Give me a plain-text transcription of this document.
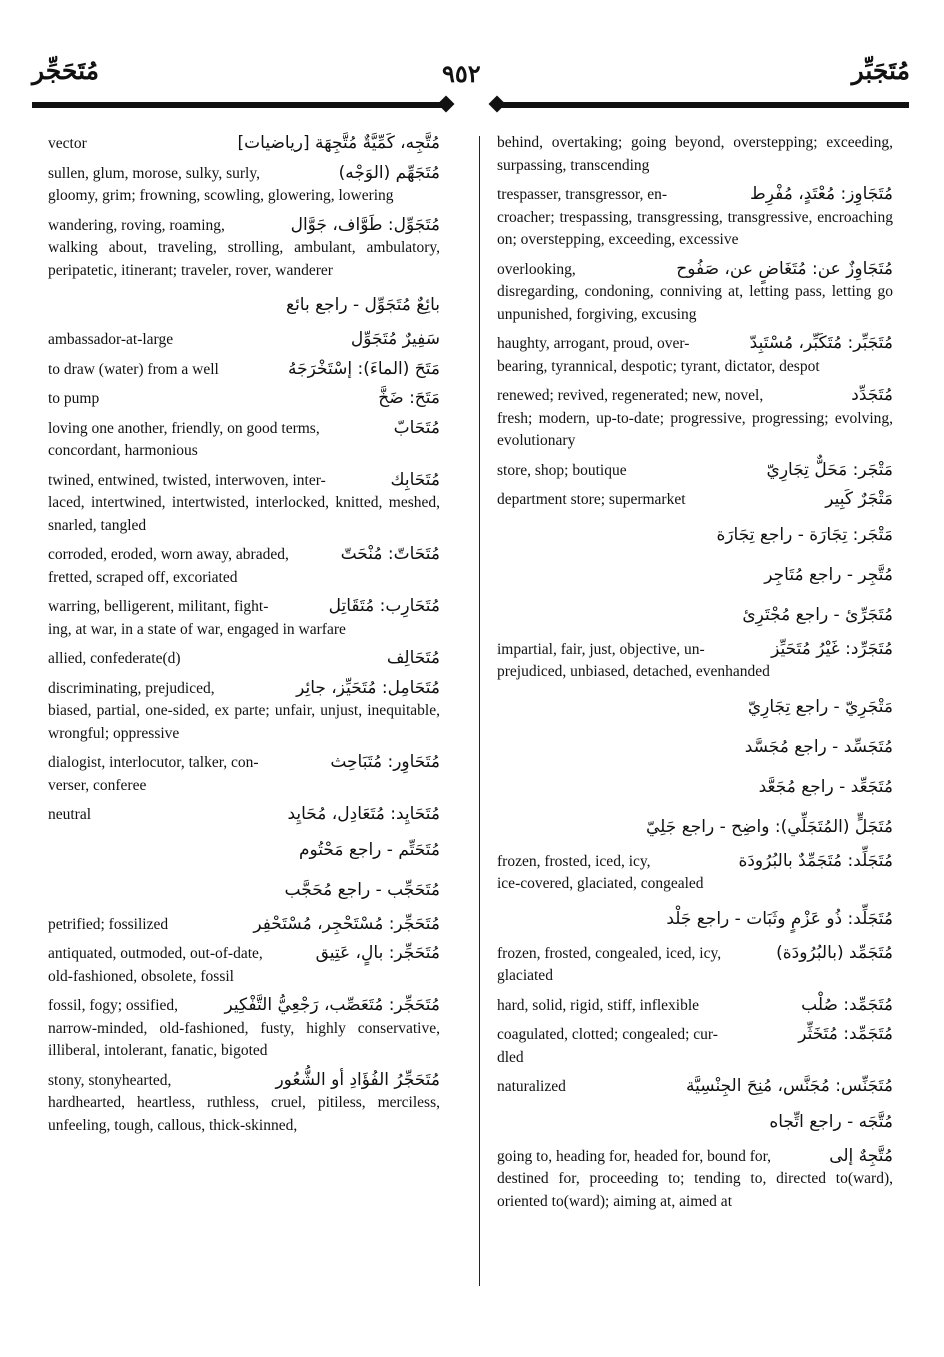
مُتَحَجِّر	٩٥٢	مُتَجَبِّر
vector	مُتَّجِه، كَمِّيَّةٌ مُتَّجِهَة [رياضيات]
sullen, glum, morose, sulky, surly,	مُتَجَهِّم (الوَجْه)
gloomy, grim; frowning, scowling, glowering, lowering
wandering, roving, roaming,	مُتَجَوِّل: طَوَّاف، جَوَّال
walking about, traveling, strolling, ambulant, ambulatory, peripatetic, itinerant; traveler, rover, wanderer
بائِعٌ مُتَجَوِّل - راجع بائع
ambassador-at-large	سَفِيرٌ مُتَجَوِّل
to draw (water) from a well	مَتَحَ (الماءَ): إسْتَخْرَجَهُ
to pump	مَتَحَ: ضَخَّ
loving one another, friendly, on good terms,	مُتَحَابّ
concordant, harmonious
twined, entwined, twisted, interwoven, inter-	مُتَحَابِك
laced, intertwined, intertwisted, interlocked, knitted, meshed, snarled, tangled
corroded, eroded, worn away, abraded,	مُتَحَاتّ: مُنْحَتّ
fretted, scraped off, excoriated
warring, belligerent, militant, fight-	مُتَحَارِب: مُتَقَاتِل
ing, at war, in a state of war, engaged in warfare
allied, confederate(d)	مُتَحَالِف
discriminating, prejudiced,	مُتَحَامِل: مُتَحَيِّز، جائِر
biased, partial, one-sided, ex parte; unfair, unjust, inequitable, wrongful; oppressive
dialogist, interlocutor, talker, con-	مُتَحَاوِر: مُتَبَاحِث
verser, conferee
neutral	مُتَحَايِد: مُتَعَادِل، مُحَايِد
مُتَحَتِّم - راجع مَحْتُوم
مُتَحَجِّب - راجع مُحَجَّب
petrified; fossilized	مُتَحَجِّر: مُسْتَحْجِر، مُسْتَحْفِر
antiquated, outmoded, out-of-date,	مُتَحَجِّر: بالٍ، عَتِيق
old-fashioned, obsolete, fossil
fossil, fogy; ossified,	مُتَحَجِّر: مُتَعَصِّب، رَجْعِيُّ التَّفْكِير
narrow-minded, old-fashioned, fusty, highly conservative, illiberal, intolerant, fanatic, bigoted
stony, stonyhearted,	مُتَحَجِّرُ الفُؤَادِ أو الشُّعُور
hardhearted, heartless, ruthless, cruel, pitiless, merciless, unfeeling, tough, callous, thick-skinned,
behind, overtaking; going beyond, overstepping; exceeding, surpassing, transcending
trespasser, transgressor, en-	مُتَجَاوِز: مُعْتَدٍ، مُفْرِط
croacher; trespassing, transgressing, transgressive, encroaching on; overstepping, exceeding, excessive
overlooking,	مُتَجَاوِزٌ عن: مُتَغَاضٍ عن، صَفُوح
disregarding, condoning, conniving at, letting pass, letting go unpunished, forgiving, excusing
haughty, arrogant, proud, over-	مُتَجَبِّر: مُتَكَبِّر، مُسْتَبِدّ
bearing, tyrannical, despotic; tyrant, dictator, despot
renewed; revived, regenerated; new, novel,	مُتَجَدِّد
fresh; modern, up-to-date; progressive, progressing; evolving, evolutionary
store, shop; boutique	مَتْجَر: مَحَلٌّ تِجَارِيّ
department store; supermarket	مَتْجَرٌ كَبِير
مَتْجَر: تِجَارَة - راجع تِجَارَة
مُتَّجِر - راجع مُتَاجِر
مُتَجَرِّئ - راجع مُجْتَرِئ
impartial, fair, just, objective, un-	مُتَجَرِّد: غَيْرُ مُتَحَيِّز
prejudiced, unbiased, detached, evenhanded
مَتْجَرِيّ - راجع تِجَارِيّ
مُتَجَسِّد - راجع مُجَسَّد
مُتَجَعِّد - راجع مُجَعَّد
مُتَجَلٍّ (المُتَجَلِّي): واضِح - راجع جَلِيّ
frozen, frosted, iced, icy,	مُتَجَلِّد: مُتَجَمِّدٌ بالبُرُودَة
ice-covered, glaciated, congealed
مُتَجَلِّد: ذُو عَزْمٍ وثَبَات - راجع جَلْد
frozen, frosted, congealed, iced, icy,	مُتَجَمِّد (بالبُرُودَة)
glaciated
hard, solid, rigid, stiff, inflexible	مُتَجَمِّد: صُلْب
coagulated, clotted; congealed; cur-	مُتَجَمِّد: مُتَخَثِّر
dled
naturalized	مُتَجَنِّس: مُجَنَّس، مُنِحَ الجِنْسِيَّة
مُتَّجَه - راجع اتِّجاه
going to, heading for, headed for, bound for,	مُتَّجِهٌ إلى
destined for, proceeding to; tending to, directed to(ward), oriented to(ward); aiming at, aimed at
